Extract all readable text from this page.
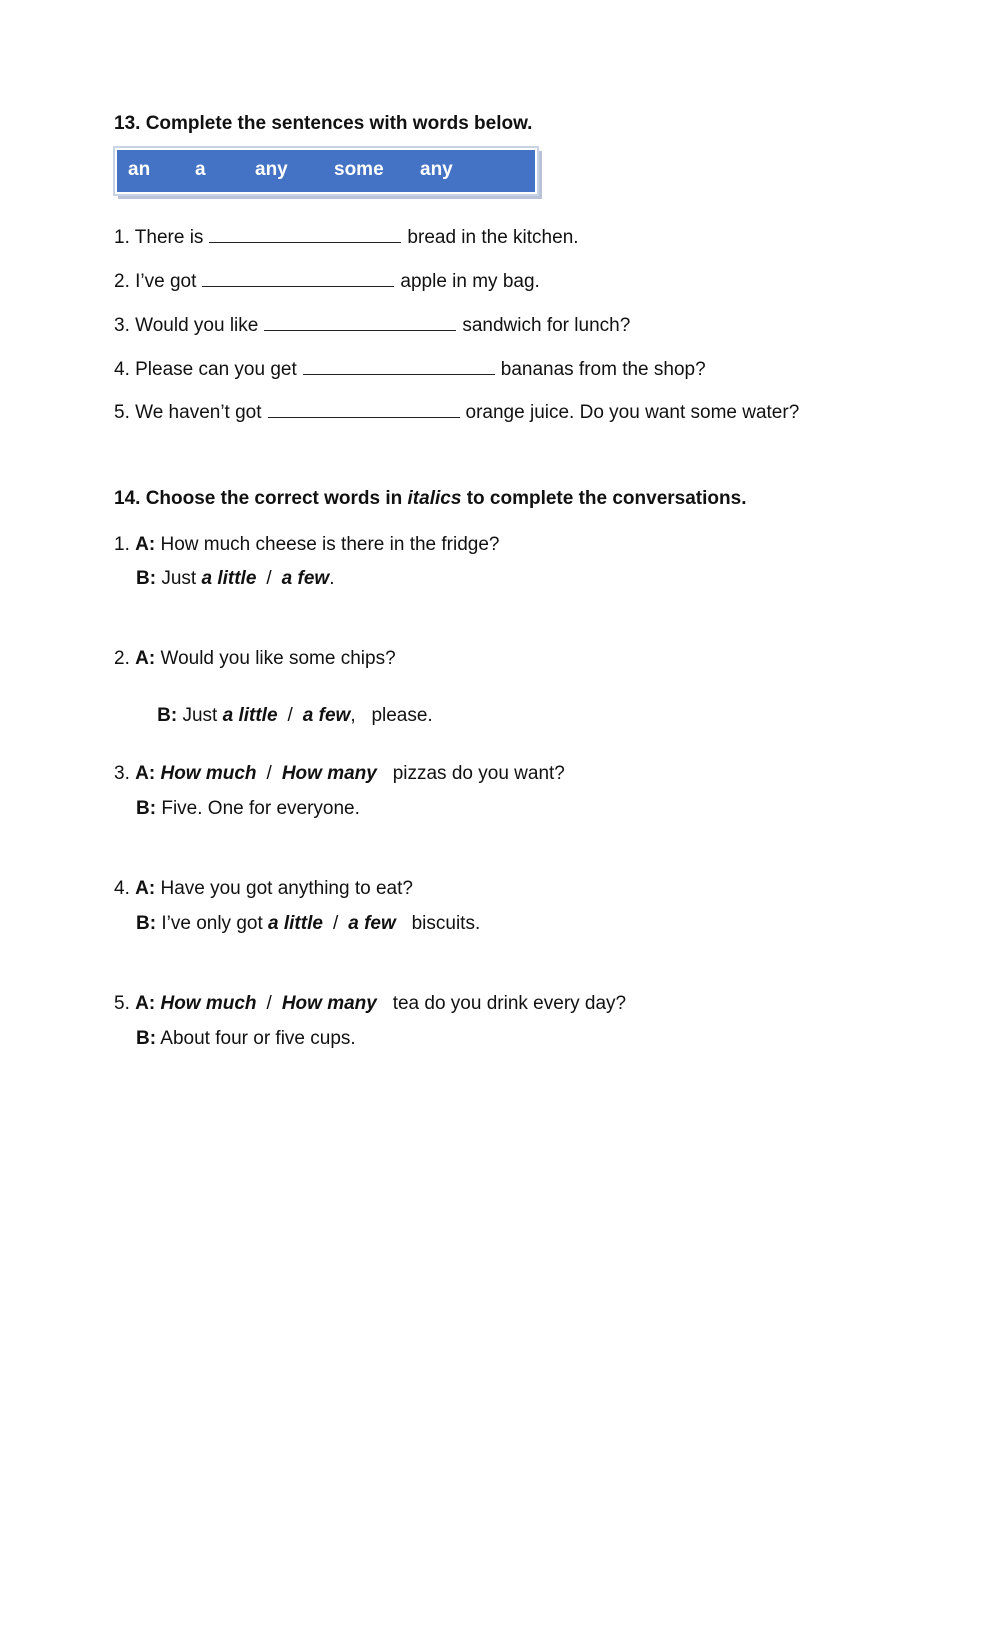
13. Complete the sentences with words below.
an a	any some any
1. There is	bread in the kitchen.
2. I’ve got	apple in my bag.
3. Would you like	sandwich for lunch?
4. Please can you get	bananas from the shop?
5. We haven’t got	orange juice. Do you want some water?
14. Choose the correct words in italics to complete the conversations.
1. A: How much cheese is there in the fridge?
B: Just a little / a few.
2. A: Would you like some chips?

B: Just a little / a few,   please.

3. A: How much / How many pizzas do you want?
B: Five. One for everyone.
4. A: Have you got anything to eat?
B: I’ve only got a little / a few biscuits.
5. A: How much / How many tea do you drink every day?
B: About four or five cups.
